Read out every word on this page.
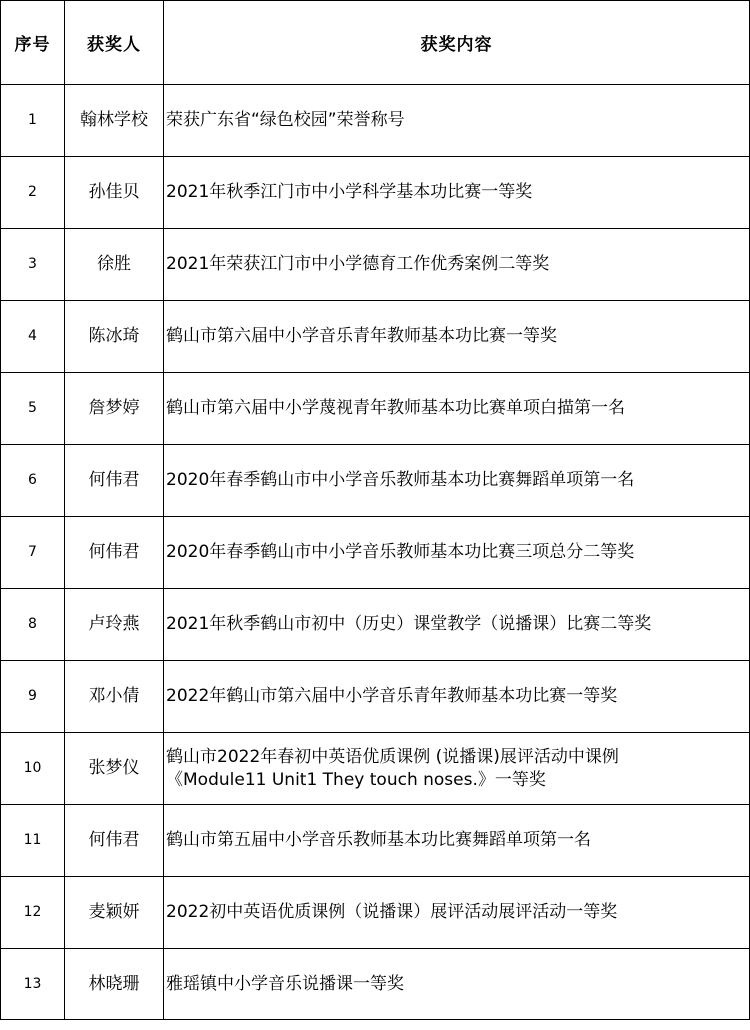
序号	获奖人	获奖内容
1	翰林学校	荣获广东省“绿色校园”荣誉称号
2	孙佳贝	2021年秋季江门市中小学科学基本功比赛一等奖
3	徐胜	2021年荣获江门市中小学德育工作优秀案例二等奖
4	陈冰琦	鹤山市第六届中小学音乐青年教师基本功比赛一等奖
5	詹梦婷	鹤山市第六届中小学蔑视青年教师基本功比赛单项白描第一名
6	何伟君	2020年春季鹤山市中小学音乐教师基本功比赛舞蹈单项第一名
7	何伟君	2020年春季鹤山市中小学音乐教师基本功比赛三项总分二等奖
8	卢玲燕	2021年秋季鹤山市初中（历史）课堂教学（说播课）比赛二等奖
9	邓小倩	2022年鹤山市第六届中小学音乐青年教师基本功比赛一等奖
10	张梦仪	鹤山市2022年春初中英语优质课例 (说播课)展评活动中课例
《Module11 Unit1 They touch noses.》一等奖
11	何伟君	鹤山市第五届中小学音乐教师基本功比赛舞蹈单项第一名
12	麦颖妍	2022初中英语优质课例（说播课）展评活动展评活动一等奖
13	林晓珊	雅瑶镇中小学音乐说播课一等奖
